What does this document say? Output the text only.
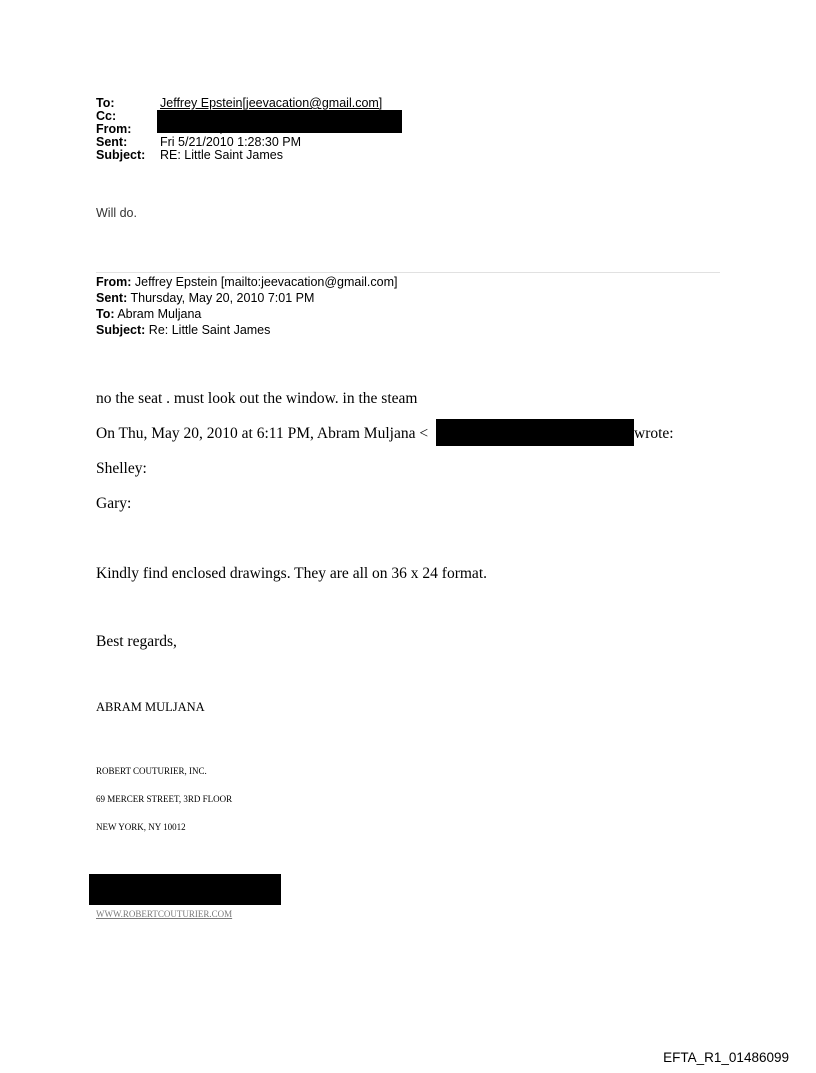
To:	Jeffrey Epstein[jeevacation@gmail.com]
Cc:
From:
Sent:	Fri 5/21/2010 1:28:30 PM
Subject: RE: Little Saint James
Will do.
From: Jeffrey Epstein [mailto:jeevacation@gmail.com]
Sent: Thursday, May 20, 2010 7:01 PM
To: Abram Muljana
Subject: Re: Little Saint James
no the seat . must look out the window. in the steam
On Thu, May 20, 2010 at 6:11 PM, Abram Muljana <	wrote:
Shelley:
Gary:
Kindly find enclosed drawings. They are all on 36 x 24 format.
Best regards,
ABRAM MULJANA
ROBERT COUTURIER, INC.
69 MERCER STREET, 3RD FLOOR
NEW YORK, NY 10012
WWW.ROBERTCOUTURIER.COM
EFTA_R1_01486099
